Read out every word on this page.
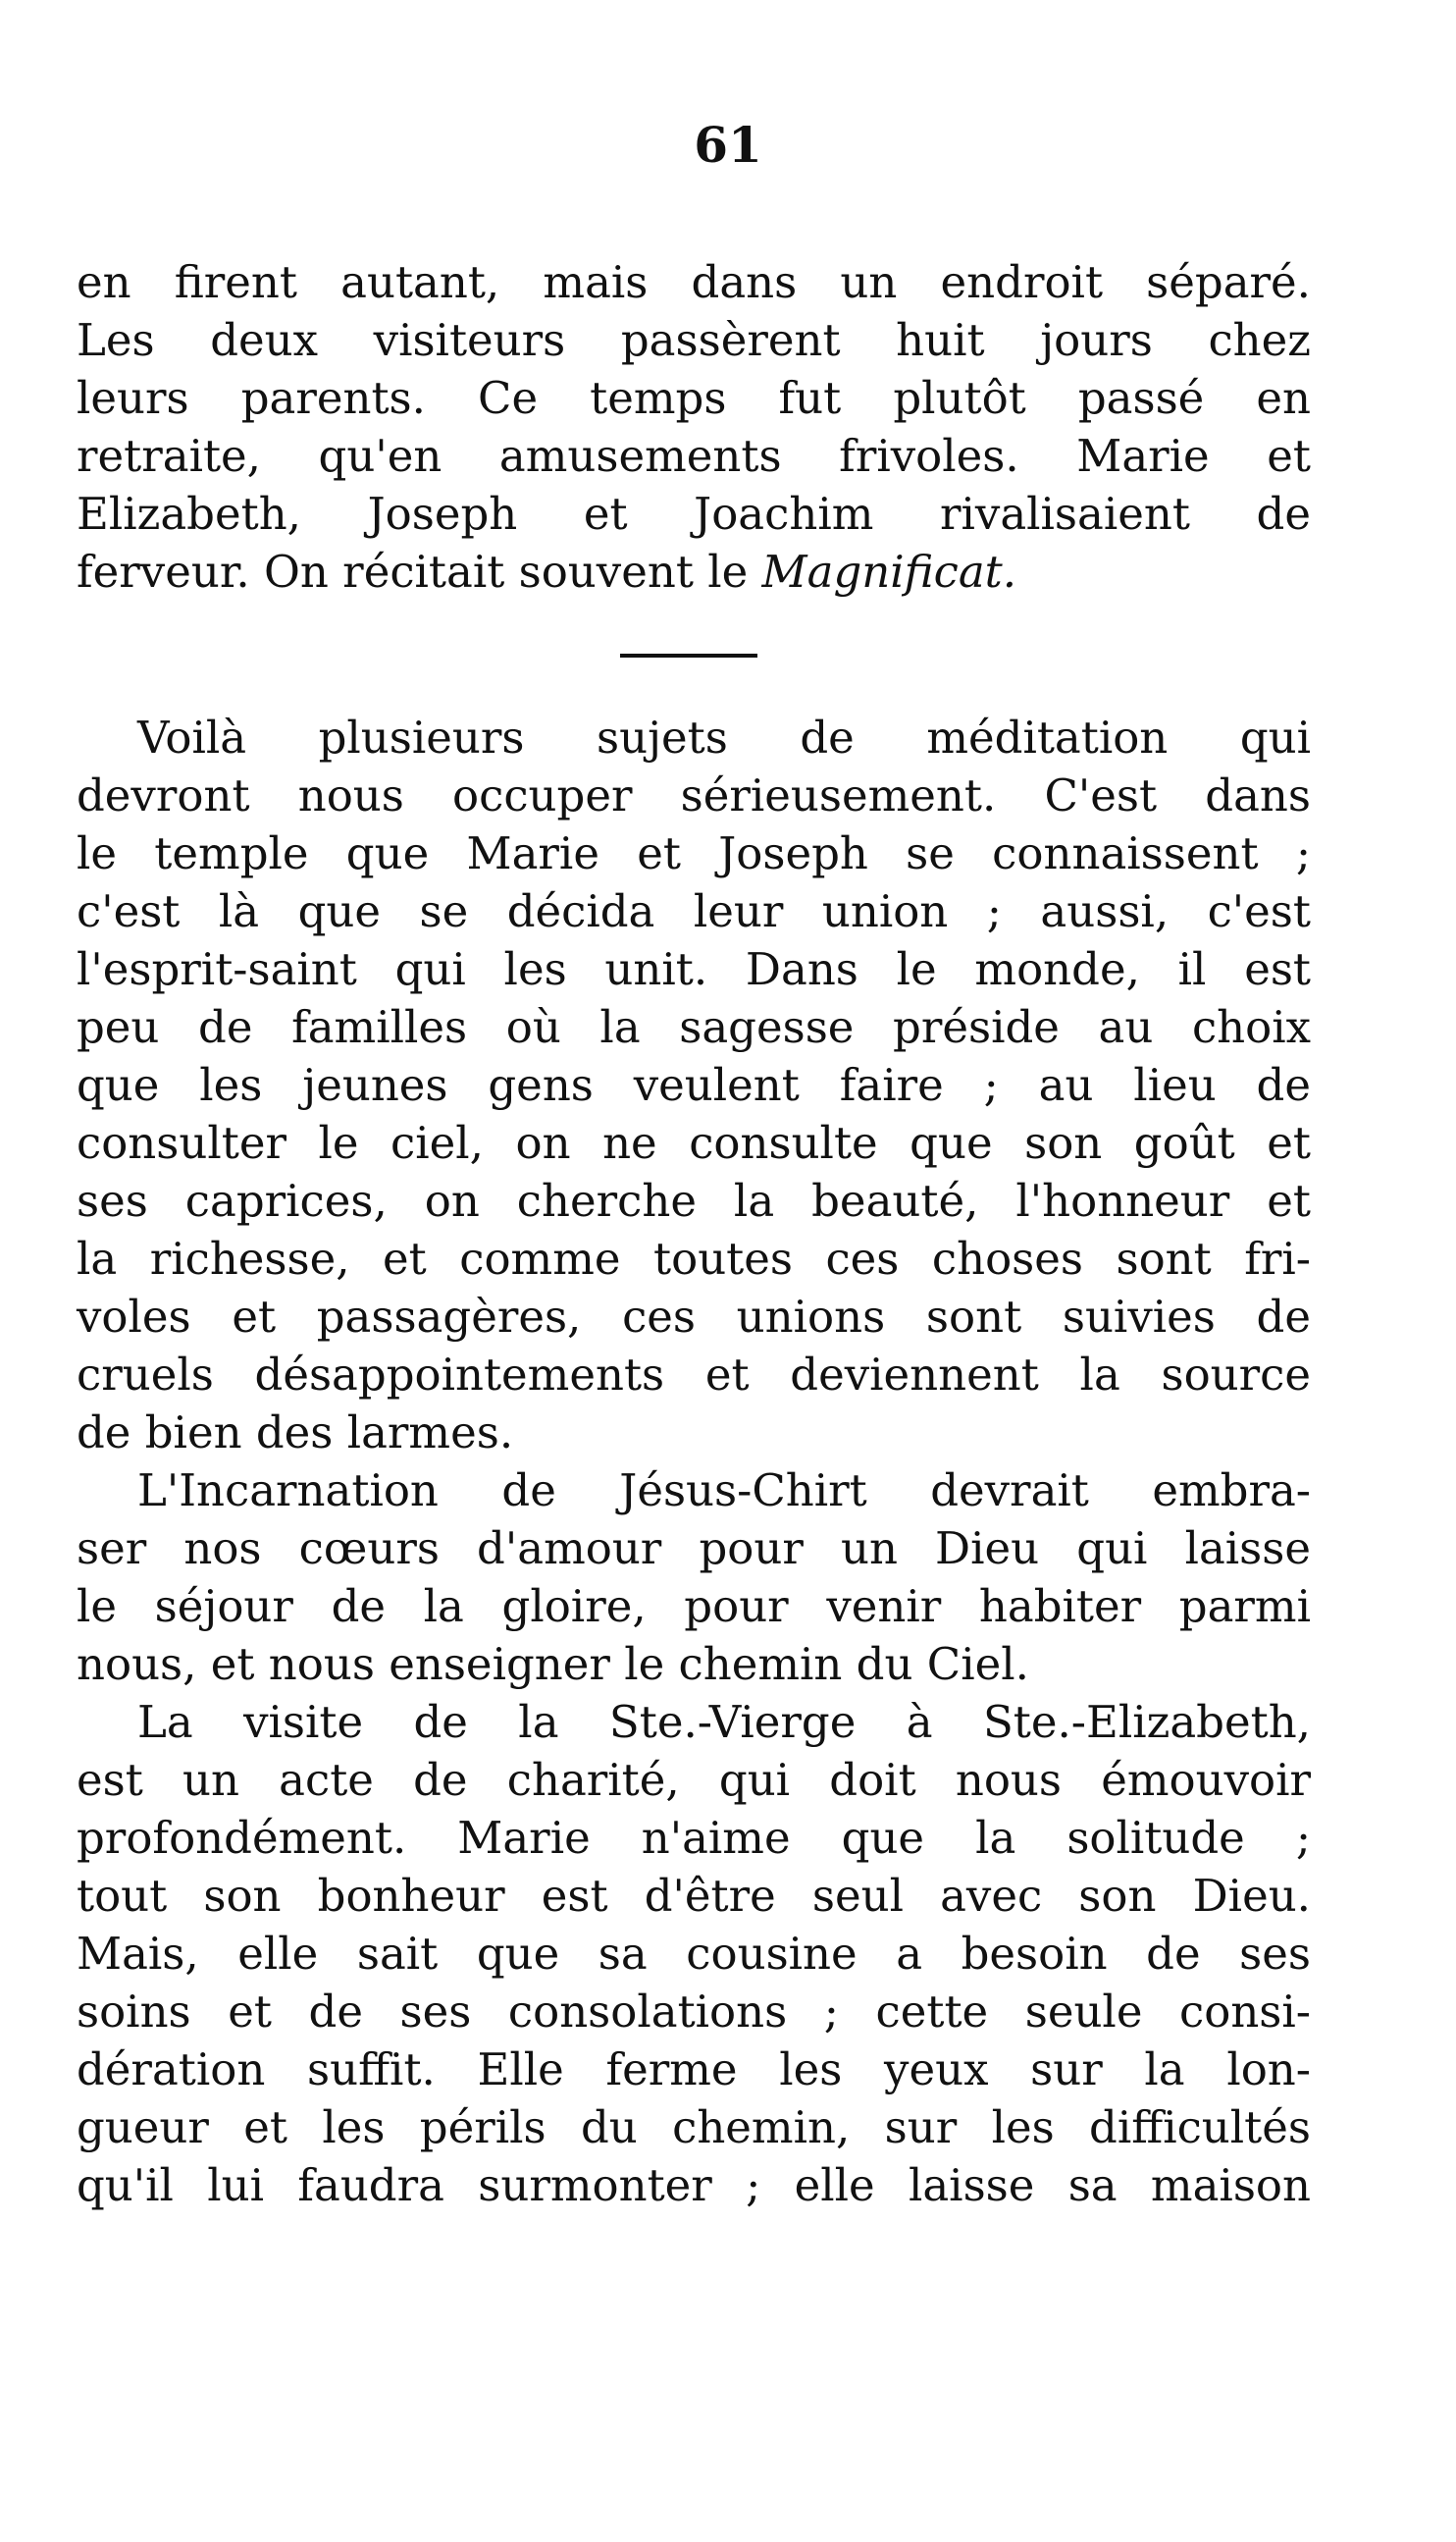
61
en firent autant, mais dans un endroit séparé.
Les deux visiteurs passèrent huit jours chez
leurs parents. Ce temps fut plutôt passé en
retraite, qu'en amusements frivoles. Marie et
Elizabeth, Joseph et Joachim rivalisaient de
ferveur. On récitait souvent le Magnificat.
Voilà plusieurs sujets de méditation qui
devront nous occuper sérieusement. C'est dans
le temple que Marie et Joseph se connaissent ;
c'est là que se décida leur union ; aussi, c'est
l'esprit-saint qui les unit. Dans le monde, il est
peu de familles où la sagesse préside au choix
que les jeunes gens veulent faire ; au lieu de
consulter le ciel, on ne consulte que son goût et
ses caprices, on cherche la beauté, l'honneur et
la richesse, et comme toutes ces choses sont fri-
voles et passagères, ces unions sont suivies de
cruels désappointements et deviennent la source
de bien des larmes.
L'Incarnation de Jésus-Chirt devrait embra-
ser nos cœurs d'amour pour un Dieu qui laisse
le séjour de la gloire, pour venir habiter parmi
nous, et nous enseigner le chemin du Ciel.
La visite de la Ste.-Vierge à Ste.-Elizabeth,
est un acte de charité, qui doit nous émouvoir
profondément. Marie n'aime que la solitude ;
tout son bonheur est d'être seul avec son Dieu.
Mais, elle sait que sa cousine a besoin de ses
soins et de ses consolations ; cette seule consi-
dération suffit. Elle ferme les yeux sur la lon-
gueur et les périls du chemin, sur les difficultés
qu'il lui faudra surmonter ; elle laisse sa maison
